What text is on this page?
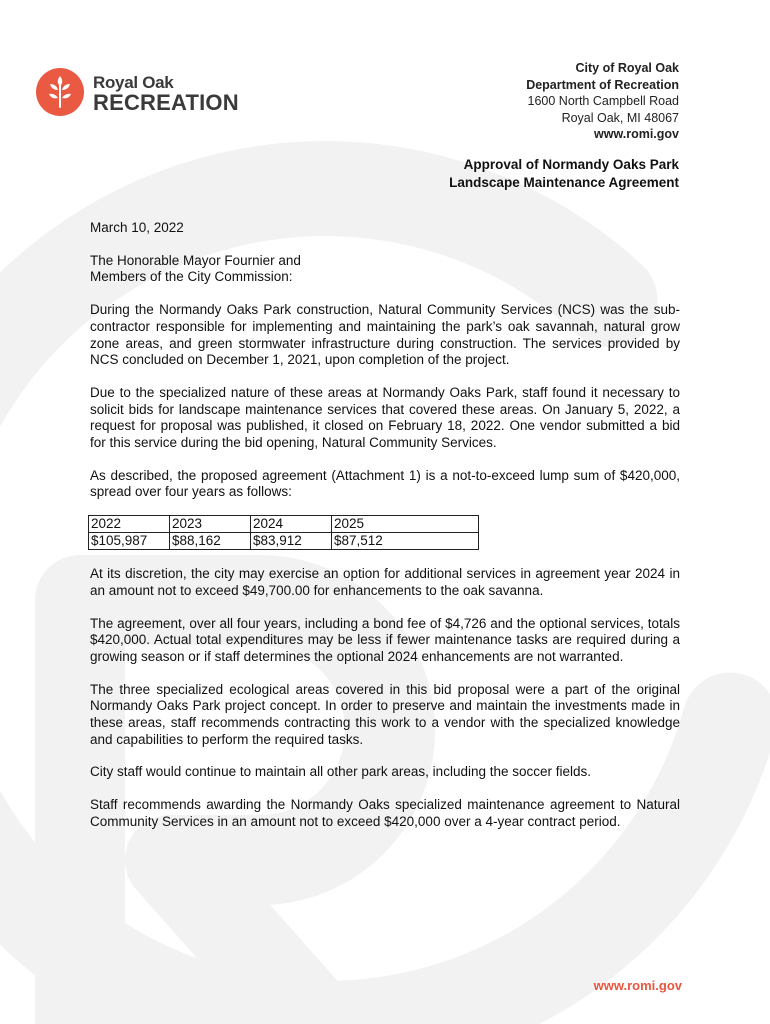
Royal Oak
RECREATION
City of Royal Oak
Department of Recreation
1600 North Campbell Road
Royal Oak, MI 48067
www.romi.gov
Approval of Normandy Oaks Park
Landscape Maintenance Agreement

March 10, 2022

The Honorable Mayor Fournier and
Members of the City Commission:

During the Normandy Oaks Park construction, Natural Community Services (NCS) was the sub-contractor responsible for implementing and maintaining the park’s oak savannah, natural grow zone areas, and green stormwater infrastructure during construction. The services provided by NCS concluded on December 1, 2021, upon completion of the project.

Due to the specialized nature of these areas at Normandy Oaks Park, staff found it necessary to solicit bids for landscape maintenance services that covered these areas. On January 5, 2022, a request for proposal was published, it closed on February 18, 2022. One vendor submitted a bid for this service during the bid opening, Natural Community Services.

As described, the proposed agreement (Attachment 1) is a not-to-exceed lump sum of $420,000, spread over four years as follows:

2022	2023	2024	2025
$105,987	$88,162	$83,912	$87,512

At its discretion, the city may exercise an option for additional services in agreement year 2024 in an amount not to exceed $49,700.00 for enhancements to the oak savanna.

The agreement, over all four years, including a bond fee of $4,726 and the optional services, totals $420,000. Actual total expenditures may be less if fewer maintenance tasks are required during a growing season or if staff determines the optional 2024 enhancements are not warranted.

The three specialized ecological areas covered in this bid proposal were a part of the original Normandy Oaks Park project concept. In order to preserve and maintain the investments made in these areas, staff recommends contracting this work to a vendor with the specialized knowledge and capabilities to perform the required tasks.

City staff would continue to maintain all other park areas, including the soccer fields.

Staff recommends awarding the Normandy Oaks specialized maintenance agreement to Natural Community Services in an amount not to exceed $420,000 over a 4-year contract period.

www.romi.gov
